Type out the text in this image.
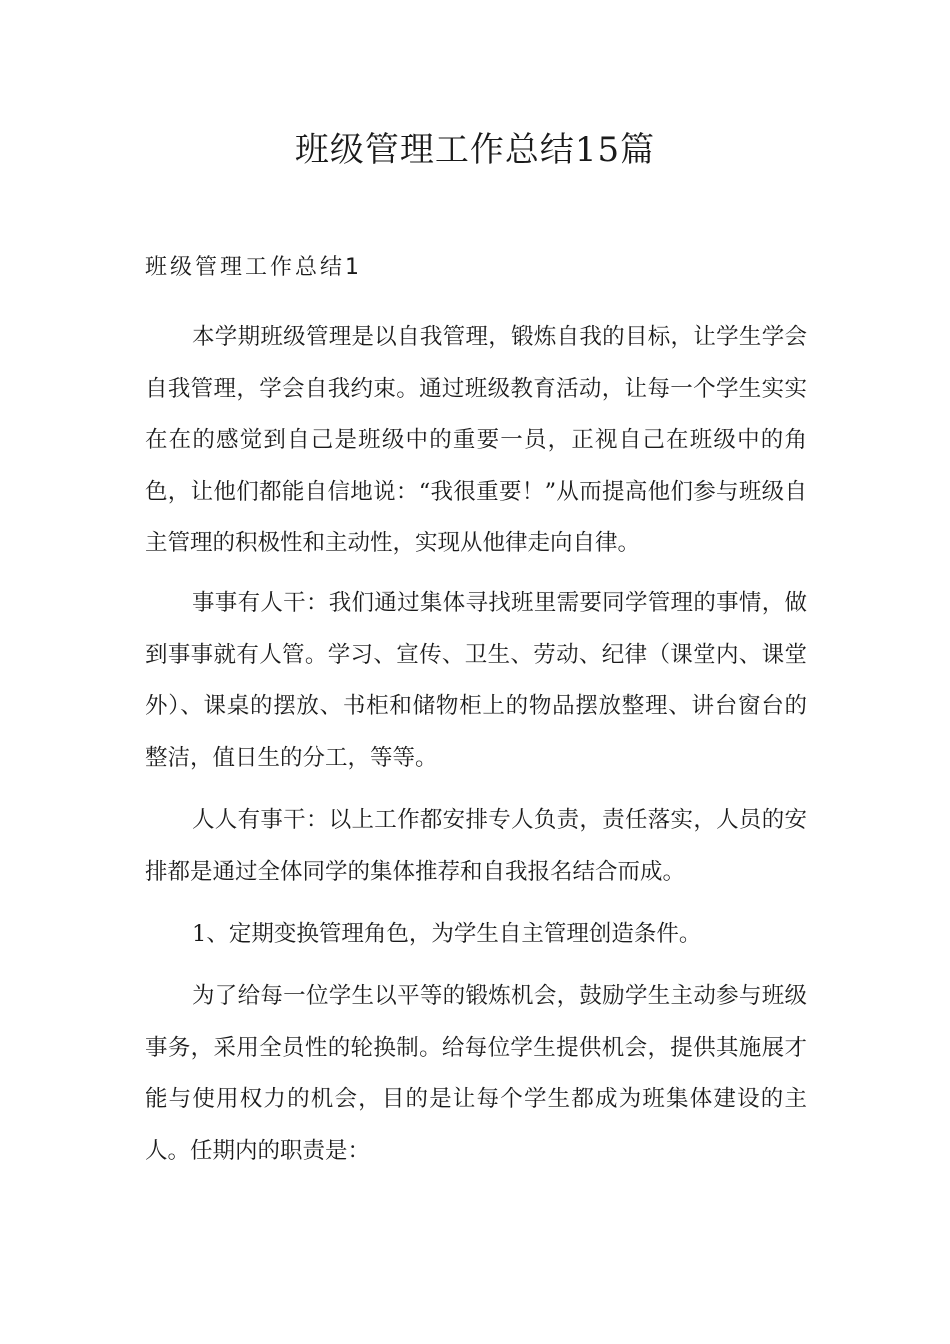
班级管理工作总结15篇
班级管理工作总结1

本学期班级管理是以自我管理，锻炼自我的目标，让学生学会自我管理，学会自我约束。通过班级教育活动，让每一个学生实实在在的感觉到自己是班级中的重要一员，正视自己在班级中的角色，让他们都能自信地说：“我很重要！”从而提高他们参与班级自主管理的积极性和主动性，实现从他律走向自律。

事事有人干：我们通过集体寻找班里需要同学管理的事情，做到事事就有人管。学习、宣传、卫生、劳动、纪律（课堂内、课堂外）、课桌的摆放、书柜和储物柜上的物品摆放整理、讲台窗台的整洁，值日生的分工，等等。

人人有事干：以上工作都安排专人负责，责任落实，人员的安排都是通过全体同学的集体推荐和自我报名结合而成。

1、定期变换管理角色，为学生自主管理创造条件。

为了给每一位学生以平等的锻炼机会，鼓励学生主动参与班级事务，采用全员性的轮换制。给每位学生提供机会，提供其施展才能与使用权力的机会，目的是让每个学生都成为班集体建设的主人。任期内的职责是：
